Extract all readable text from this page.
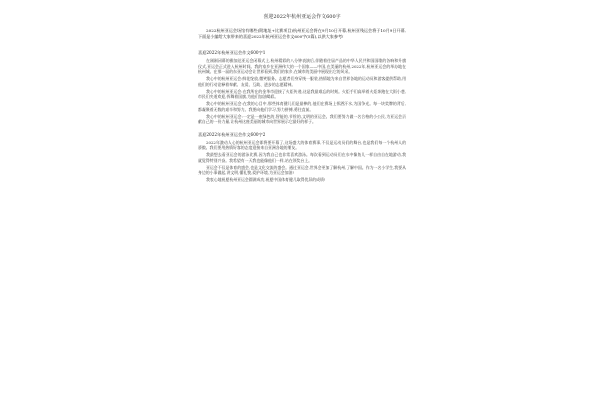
喜迎2022年杭州亚运会作文600字

2022杭州亚运会场馆有哪些(附地址+比赛项目)杭州亚运会将在9月10日开幕,杭州亚残运会将于10月9日开幕,下面是小编给大家带来的喜迎2022年杭州亚运会作文600字(5篇),以供大家参考!

喜迎2022年杭州亚运会作文600字1

在刚刚闭幕的雅加达亚运会闭幕式上,杭州精彩的八分钟表演后,伴随着往届产品的中华人民共和国国歌的各响和升旗仪式,亚运会正式进入杭州时间。我的家乡在亚洲伟大的一个国家——中国,在美丽的杭州,2022年,杭州亚运会的举办地在杭州城。在那一届的东亚运动会让世界看到,我们的家乡,在城市的美丽中展现出它的风采。

我心中的杭州亚运会:鲜花绽放,微笑服务。志愿者们身穿统一服装,热情地为来自世界各地的运动员和游客提供帮助,用他们的行动诠释着奉献、友爱、互助、进步的志愿精神。

我心中的杭州亚运会:在我所在的金华市迎接了火炬传递,这是我最难忘的时刻。火炬手们高举着火炬奔跑在大街小巷,市民们夹道欢迎,挥舞着国旗,为他们加油喝彩。

我心中的杭州亚运会:在我的心目中,那些体育健儿们是最棒的,他们在赛场上挥洒汗水,为国争光。每一块奖牌的背后,都凝聚着无数的艰辛和努力。我要向他们学习,努力拼搏,勇往直前。

我心中的杭州亚运会:一定是一座绿色的,智能的,节俭的,文明的亚运会。我们要努力做一名合格的小公民,为亚运会贡献自己的一份力量,让杭州这座美丽的城市向世界展示它最好的样子。

喜迎2022年杭州亚运会作文600字2

2022年激动人心的杭州亚运会即将要开幕了,这场盛大的体育赛事,不仅是运动员们的舞台,也是我们每一个杭州人的骄傲。我们要用热情好客的态度迎接来自亚洲各地的朋友。

我最想去看亚运会的游泳比赛,因为我自己也非常喜欢游泳。每次看到运动员们在水中像鱼儿一样自由自在地游动,我就觉得特别兴奋。我希望有一天我也能像他们一样,站在领奖台上。

亚运会不仅是体育的盛会,也是文化交流的盛会。通过亚运会,世界会更加了解杭州,了解中国。作为一名小学生,我要从身边的小事做起,讲文明,懂礼貌,爱护环境,为亚运会加油!

我衷心地祝愿杭州亚运会圆满成功,祝愿中国体育健儿取得优异的成绩!
